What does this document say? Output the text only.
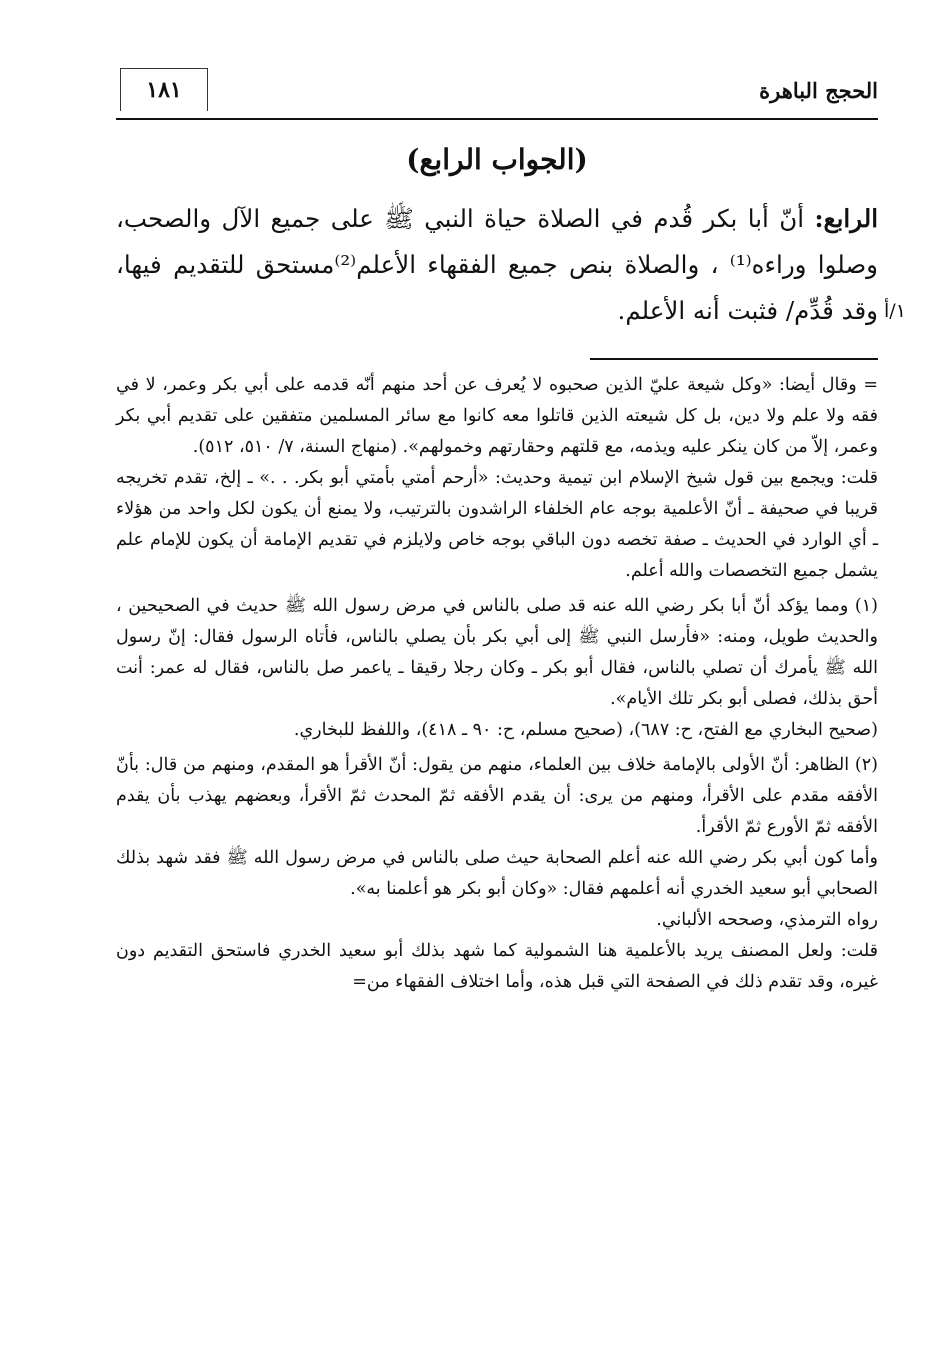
الحجج الباهرة
١٨١
(الجواب الرابع)

الرابع: أنّ أبا بكر قُدم في الصلاة حياة النبي ﷺ على جميع الآل والصحب، وصلوا وراءه⁽¹⁾ ، والصلاة بنص جميع الفقهاء الأعلم⁽²⁾مستحق للتقديم فيها، وقد قُدِّم/ فثبت أنه الأعلم. ١/أ

= وقال أيضا: «وكل شيعة عليّ الذين صحبوه لا يُعرف عن أحد منهم أنّه قدمه على أبي بكر وعمر، لا في فقه ولا علم ولا دين، بل كل شيعته الذين قاتلوا معه كانوا مع سائر المسلمين متفقين على تقديم أبي بكر وعمر، إلاّ من كان ينكر عليه ويذمه، مع قلتهم وحقارتهم وخمولهم». (منهاج السنة، ٧/ ٥١٠، ٥١٢).

قلت: ويجمع بين قول شيخ الإسلام ابن تيمية وحديث: «أرحم أمتي بأمتي أبو بكر. . .» ـ إلخ، تقدم تخريجه قريبا في صحيفة ـ أنّ الأعلمية بوجه عام الخلفاء الراشدون بالترتيب، ولا يمنع أن يكون لكل واحد من هؤلاء ـ أي الوارد في الحديث ـ صفة تخصه دون الباقي بوجه خاص ولايلزم في تقديم الإمامة أن يكون للإمام علم يشمل جميع التخصصات والله أعلم.

(١) ومما يؤكد أنّ أبا بكر رضي الله عنه قد صلى بالناس في مرض رسول الله ﷺ حديث في الصحيحين ، والحديث طويل، ومنه: «فأرسل النبي ﷺ إلى أبي بكر بأن يصلي بالناس، فأتاه الرسول فقال: إنّ رسول الله ﷺ يأمرك أن تصلي بالناس، فقال أبو بكر ـ وكان رجلا رقيقا ـ ياعمر صل بالناس، فقال له عمر: أنت أحق بذلك، فصلى أبو بكر تلك الأيام».

(صحيح البخاري مع الفتح، ح: ٦٨٧)، (صحيح مسلم، ح: ٩٠ ـ ٤١٨)، واللفظ للبخاري.

(٢) الظاهر: أنّ الأولى بالإمامة خلاف بين العلماء، منهم من يقول: أنّ الأقرأ هو المقدم، ومنهم من قال: بأنّ الأفقه مقدم على الأقرأ، ومنهم من يرى: أن يقدم الأفقه ثمّ المحدث ثمّ الأقرأ، وبعضهم يهذب بأن يقدم الأفقه ثمّ الأورع ثمّ الأقرأ.

وأما كون أبي بكر رضي الله عنه أعلم الصحابة حيث صلى بالناس في مرض رسول الله ﷺ فقد شهد بذلك الصحابي أبو سعيد الخدري أنه أعلمهم فقال: «وكان أبو بكر هو أعلمنا به».

رواه الترمذي، وصححه الألباني.

قلت: ولعل المصنف يريد بالأعلمية هنا الشمولية كما شهد بذلك أبو سعيد الخدري فاستحق التقديم دون غيره، وقد تقدم ذلك في الصفحة التي قبل هذه، وأما اختلاف الفقهاء من=
